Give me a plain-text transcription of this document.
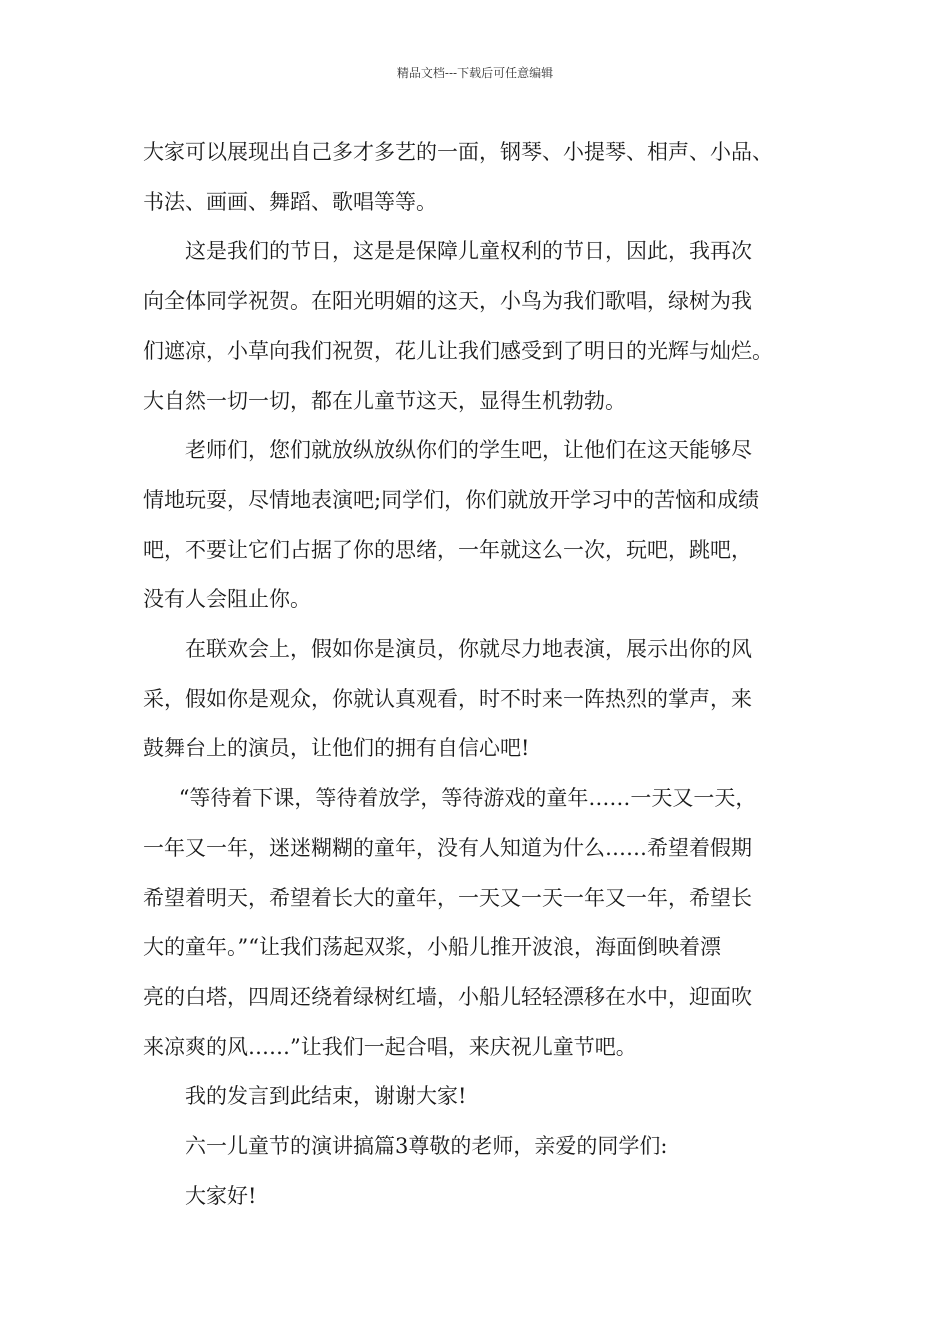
精品文档---下载后可任意编辑

大家可以展现出自己多才多艺的一面，钢琴、小提琴、相声、小品、
书法、画画、舞蹈、歌唱等等。

这是我们的节日，这是是保障儿童权利的节日，因此，我再次
向全体同学祝贺。在阳光明媚的这天，小鸟为我们歌唱，绿树为我
们遮凉，小草向我们祝贺，花儿让我们感受到了明日的光辉与灿烂。
大自然一切一切，都在儿童节这天，显得生机勃勃。

老师们，您们就放纵放纵你们的学生吧，让他们在这天能够尽
情地玩耍，尽情地表演吧;同学们，你们就放开学习中的苦恼和成绩
吧，不要让它们占据了你的思绪，一年就这么一次，玩吧，跳吧，
没有人会阻止你。

在联欢会上，假如你是演员，你就尽力地表演，展示出你的风
采，假如你是观众，你就认真观看，时不时来一阵热烈的掌声，来
鼓舞台上的演员，让他们的拥有自信心吧!

“等待着下课，等待着放学，等待游戏的童年……一天又一天，
一年又一年，迷迷糊糊的童年，没有人知道为什么……希望着假期
希望着明天，希望着长大的童年，一天又一天一年又一年，希望长
大的童年。”“让我们荡起双浆，小船儿推开波浪，海面倒映着漂
亮的白塔，四周还绕着绿树红墙，小船儿轻轻漂移在水中，迎面吹
来凉爽的风……”让我们一起合唱，来庆祝儿童节吧。

我的发言到此结束，谢谢大家!

六一儿童节的演讲搞篇3尊敬的老师，亲爱的同学们:

大家好!
